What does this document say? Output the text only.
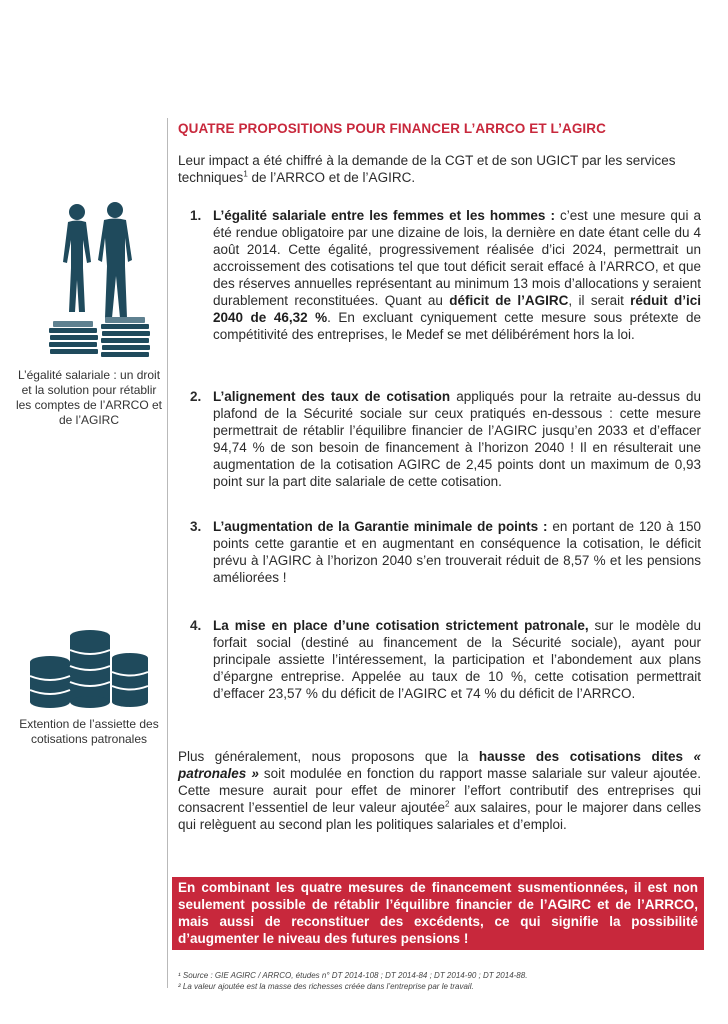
L’égalité salariale : un droit et la solution pour rétablir les comptes de l’ARRCO et de l’AGIRC
Extention de l’assiette des cotisations patronales
QUATRE PROPOSITIONS POUR FINANCER L’ARRCO ET L’AGIRC
Leur impact a été chiffré à la demande de la CGT et de son UGICT par les services techniques$^1$ de l’ARRCO et de l’AGIRC.
1. L’égalité salariale entre les femmes et les hommes : c’est une mesure qui a été rendue obligatoire par une dizaine de lois, la dernière en date étant celle du 4 août 2014. Cette égalité, progressivement réalisée d’ici 2024, permettrait un accroissement des cotisations tel que tout déficit serait effacé à l’ARRCO, et que des réserves annuelles représentant au minimum 13 mois d’allocations y seraient durablement reconstituées. Quant au déficit de l’AGIRC, il serait réduit d’ici 2040 de 46,32 %. En excluant cyniquement cette mesure sous prétexte de compétitivité des entreprises, le Medef se met délibérément hors la loi.
2. L’alignement des taux de cotisation appliqués pour la retraite au-dessus du plafond de la Sécurité sociale sur ceux pratiqués en-dessous : cette mesure permettrait de rétablir l’équilibre financier de l’AGIRC jusqu’en 2033 et d’effacer 94,74 % de son besoin de financement à l’horizon 2040 ! Il en résulterait une augmentation de la cotisation AGIRC de 2,45 points dont un maximum de 0,93 point sur la part dite salariale de cette cotisation.
3. L’augmentation de la Garantie minimale de points : en portant de 120 à 150 points cette garantie et en augmentant en conséquence la cotisation, le déficit prévu à l’AGIRC à l’horizon 2040 s’en trouverait réduit de 8,57 % et les pensions améliorées !
4. La mise en place d’une cotisation strictement patronale, sur le modèle du forfait social (destiné au financement de la Sécurité sociale), ayant pour principale assiette l’intéressement, la participation et l’abondement aux plans d’épargne entreprise. Appelée au taux de 10 %, cette cotisation permettrait d’effacer 23,57 % du déficit de l’AGIRC et 74 % du déficit de l’ARRCO.
Plus généralement, nous proposons que la hausse des cotisations dites « patronales » soit modulée en fonction du rapport masse salariale sur valeur ajoutée. Cette mesure aurait pour effet de minorer l’effort contributif des entreprises qui consacrent l’essentiel de leur valeur ajoutée$^2$ aux salaires, pour le majorer dans celles qui relèguent au second plan les politiques salariales et d’emploi.
En combinant les quatre mesures de financement susmentionnées, il est non seulement possible de rétablir l’équilibre financier de l’AGIRC et de l’ARRCO, mais aussi de reconstituer des excédents, ce qui signifie la possibilité d’augmenter le niveau des futures pensions !
¹ Source : GIE AGIRC / ARRCO, études n° DT 2014-108 ; DT 2014-84 ; DT 2014-90 ; DT 2014-88.
² La valeur ajoutée est la masse des richesses créée dans l’entreprise par le travail.
